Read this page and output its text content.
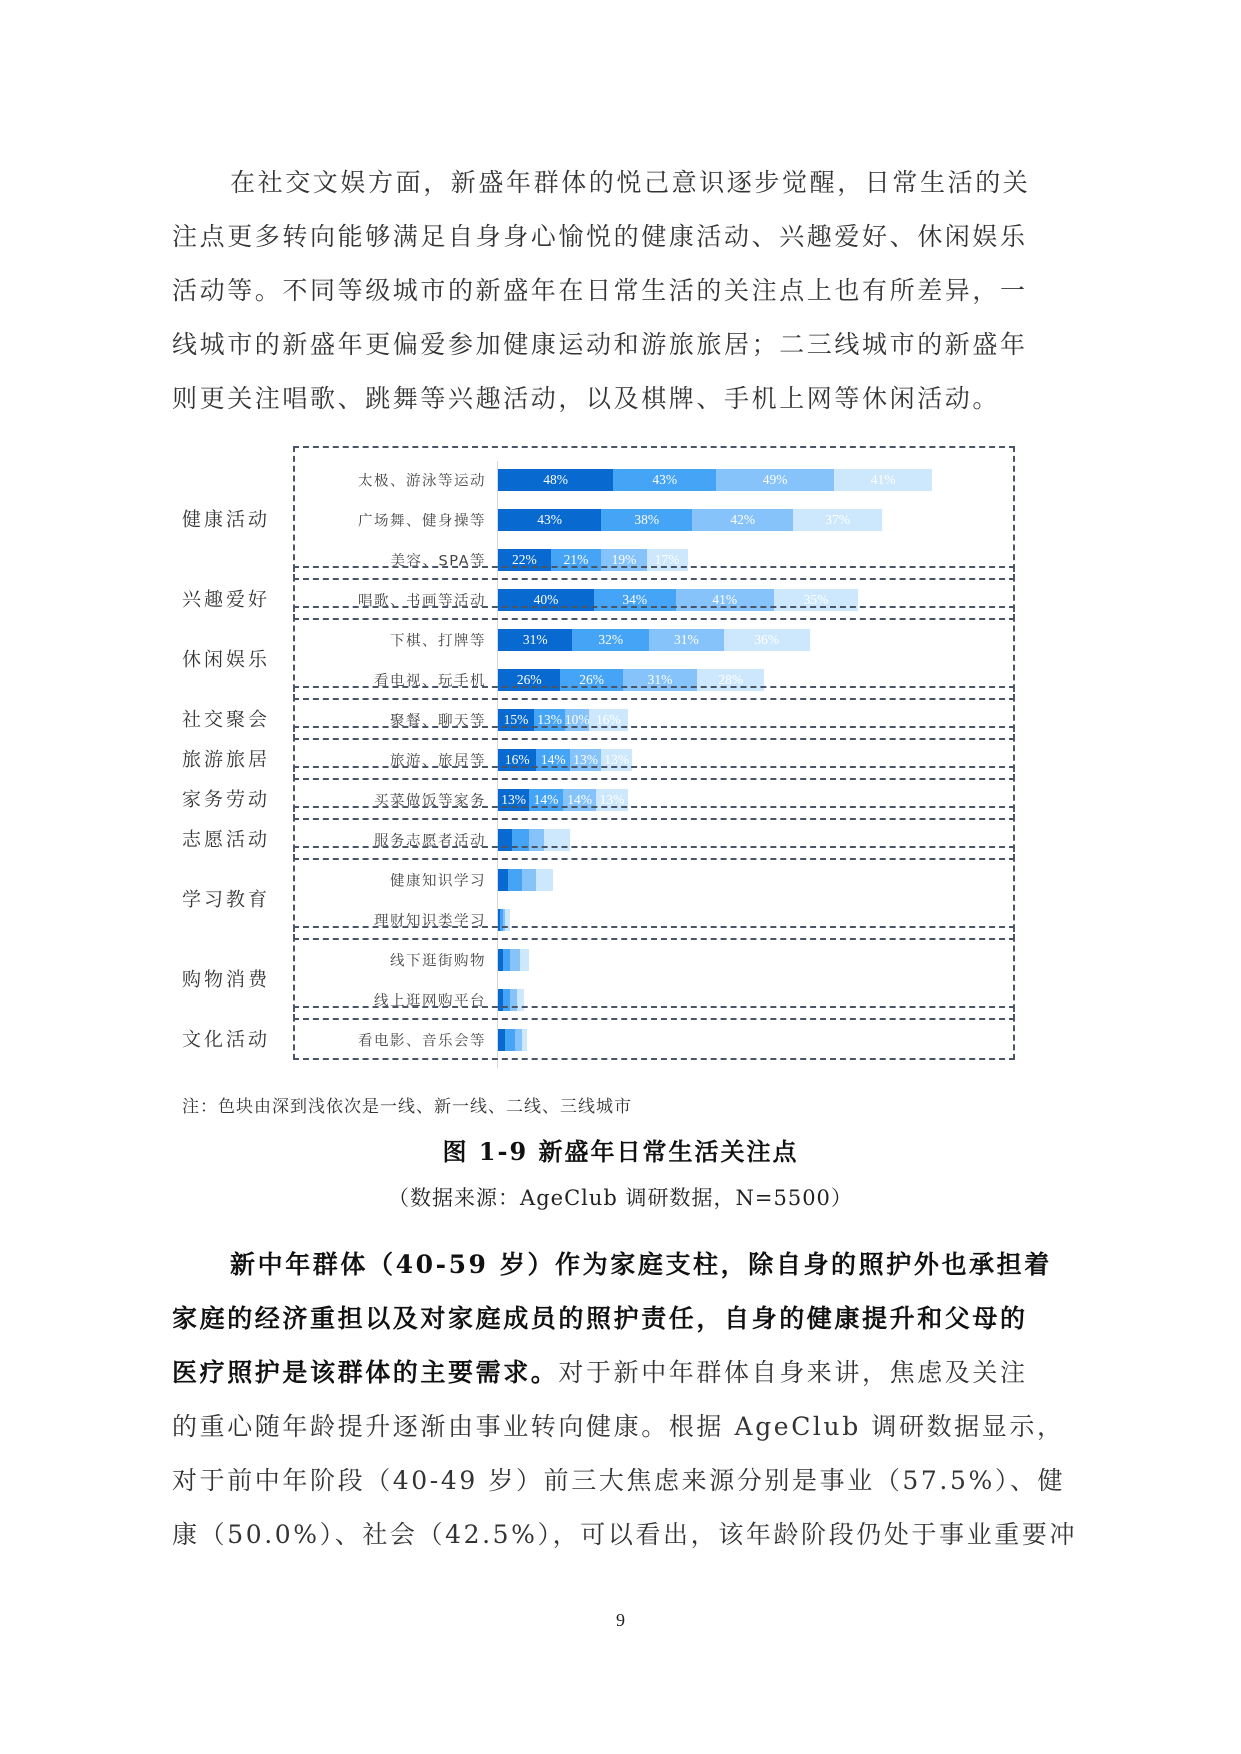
在社交文娱方面，新盛年群体的悦己意识逐步觉醒，日常生活的关
注点更多转向能够满足自身身心愉悦的健康活动、兴趣爱好、休闲娱乐
活动等。不同等级城市的新盛年在日常生活的关注点上也有所差异，一
线城市的新盛年更偏爱参加健康运动和游旅旅居；二三线城市的新盛年
则更关注唱歌、跳舞等兴趣活动，以及棋牌、手机上网等休闲活动。
太极、游泳等运动	48%	43%	49%	41%
广场舞、健身操等	43%	38%	42%	37%
美容、SPA等	22%	21%	19%	17%
健康活动
唱歌、书画等活动	40%	34%	41%	35%
兴趣爱好
下棋、打牌等	31%	32%	31%	36%
看电视、玩手机	26%	26%	31%	28%
休闲娱乐
聚餐、聊天等	15% 13% 10% 16%
社交聚会
旅游、旅居等	16% 14% 13% 13%
旅游旅居
买菜做饭等家务 13% 14% 14% 13%
家务劳动
服务志愿者活动
志愿活动
健康知识学习
理财知识类学习
学习教育
线下逛街购物
线上逛网购平台
购物消费
看电影、音乐会等
文化活动
注：色块由深到浅依次是一线、新一线、二线、三线城市
图 1-9 新盛年日常生活关注点
（数据来源：AgeClub 调研数据，N=5500）
新中年群体（40-59 岁）作为家庭支柱，除自身的照护外也承担着
家庭的经济重担以及对家庭成员的照护责任，自身的健康提升和父母的
医疗照护是该群体的主要需求。对于新中年群体自身来讲，焦虑及关注
的重心随年龄提升逐渐由事业转向健康。根据 AgeClub 调研数据显示，
对于前中年阶段（40-49 岁）前三大焦虑来源分别是事业（57.5%）、健
康（50.0%）、社会（42.5%），可以看出，该年龄阶段仍处于事业重要冲
9
